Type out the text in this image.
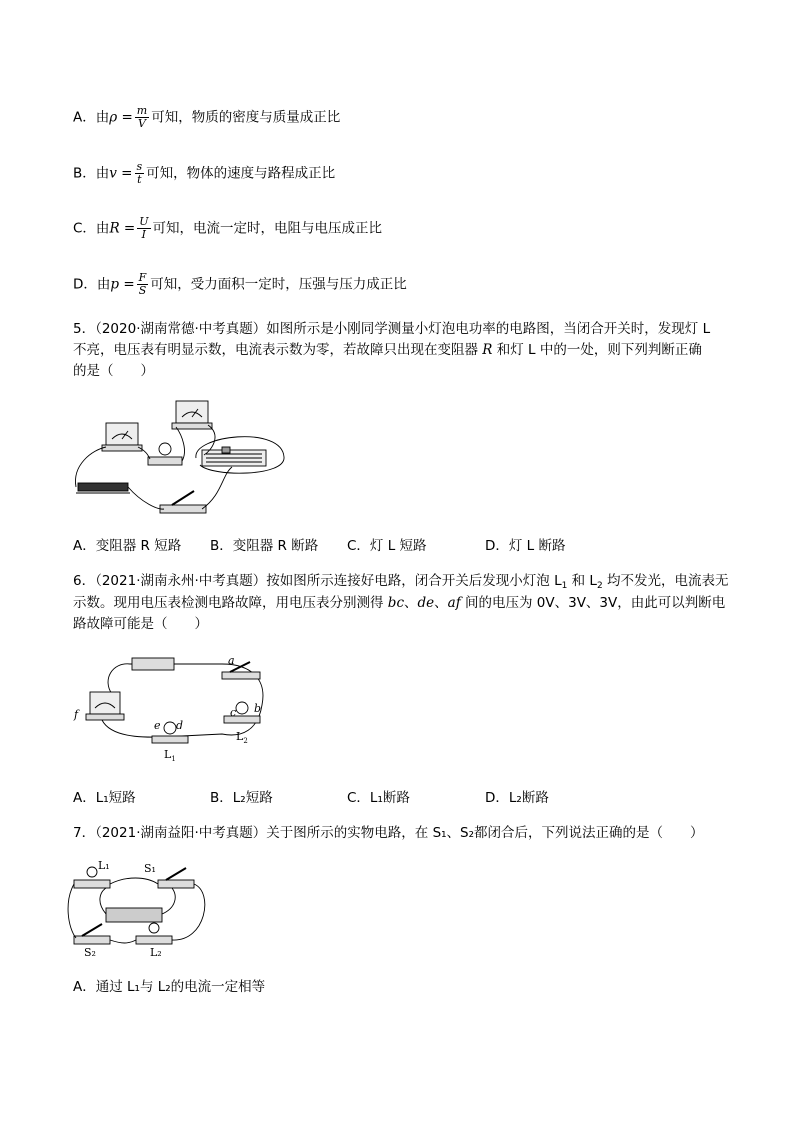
A．由$\rho = \frac{m}{V}$ 可知，物质的密度与质量成正比
B．由$v = \frac{s}{t}$ 可知，物体的速度与路程成正比
C．由$R = \frac{U}{I}$ 可知，电流一定时，电阻与电压成正比
D．由$p = \frac{F}{S}$ 可知，受力面积一定时，压强与压力成正比
5．（2020·湖南常德·中考真题）如图所示是小刚同学测量小灯泡电功率的电路图，当闭合开关时，发现灯 L
不亮，电压表有明显示数，电流表示数为零，若故障只出现在变阻器 R 和灯 L 中的一处，则下列判断正确
的是（　　）
A．变阻器 R 短路 B．变阻器 R 断路 C．灯 L 短路	D．灯 L 断路
6．（2021·湖南永州·中考真题）按如图所示连接好电路，闭合开关后发现小灯泡 $L_1$ 和 $L_2$ 均不发光，电流表无
示数。现用电压表检测电路故障，用电压表分别测得 bc、de、af 间的电压为 0V、3V、3V，由此可以判断电
路故障可能是（　　）
a
b
c
d
e
f
$L_1$
$L_2$
A．L₁短路	B．L₂短路	C．L₁断路	D．L₂断路
7．（2021·湖南益阳·中考真题）关于图所示的实物电路，在 S₁、S₂都闭合后，下列说法正确的是（　　）
L₁	S₁
S₂	L₂
A．通过 L₁与 L₂的电流一定相等
